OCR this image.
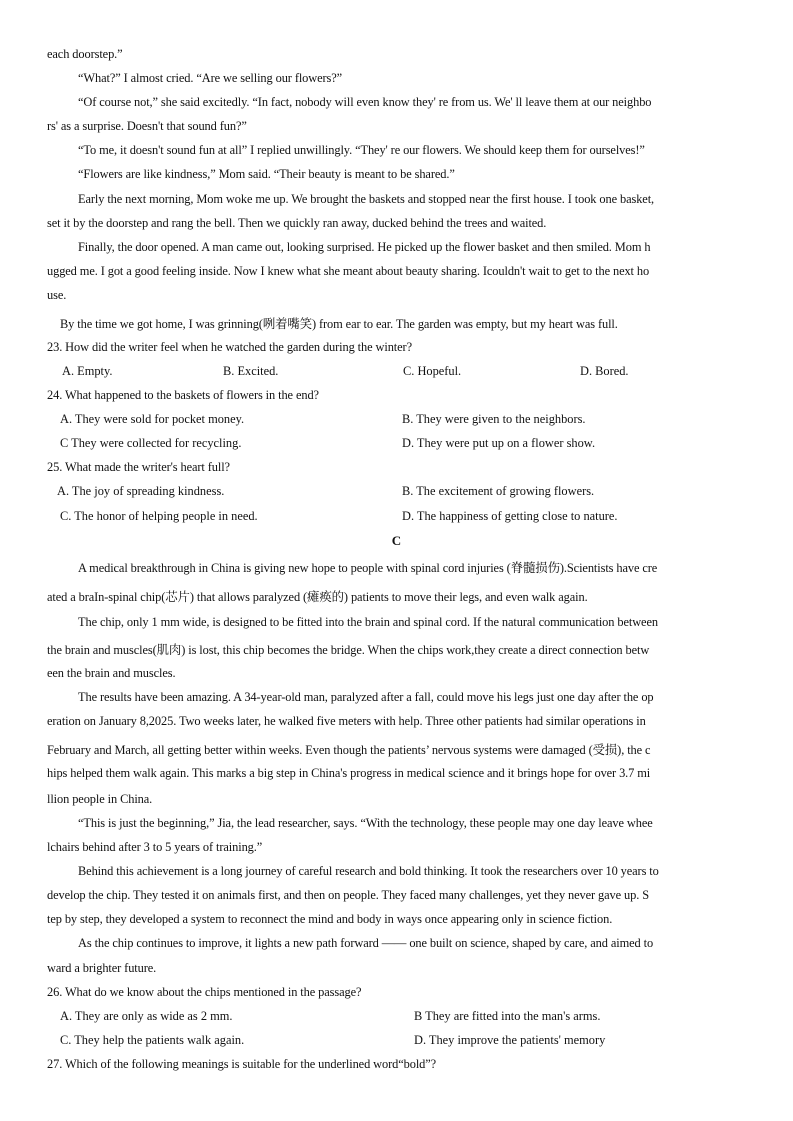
each doorstep.”
“What?” I almost cried. “Are we selling our flowers?”
“Of course not,” she said excitedly. “In fact, nobody will even know they' re from us. We' ll leave them at our neighbo
rs' as a surprise. Doesn't that sound fun?”
“To me, it doesn't sound fun at all” I replied unwillingly. “They' re our flowers. We should keep them for ourselves!”
“Flowers are like kindness,” Mom said. “Their beauty is meant to be shared.”
Early the next morning, Mom woke me up. We brought the baskets and stopped near the first house. I took one basket,
set it by the doorstep and rang the bell. Then we quickly ran away, ducked behind the trees and waited.
Finally, the door opened. A man came out, looking surprised. He picked up the flower basket and then smiled. Mom h
ugged me. I got a good feeling inside. Now I knew what she meant about beauty sharing. Icouldn't wait to get to the next ho
use.
By the time we got home, I was grinning(咧着嘴笑) from ear to ear. The garden was empty, but my heart was full.
23. How did the writer feel when he watched the garden during the winter?
A. Empty.	B. Excited.	C. Hopeful.	D. Bored.
24. What happened to the baskets of flowers in the end?
A. They were sold for pocket money.	B. They were given to the neighbors.
C They were collected for recycling.	D. They were put up on a flower show.
25. What made the writer's heart full?
A. The joy of spreading kindness.	B. The excitement of growing flowers.
C. The honor of helping people in need.	D. The happiness of getting close to nature.
C
A medical breakthrough in China is giving new hope to people with spinal cord injuries (脊髓损伤).Scientists have cre
ated a braIn-spinal chip(芯片) that allows paralyzed (瘫痪的) patients to move their legs, and even walk again.
The chip, only 1 mm wide, is designed to be fitted into the brain and spinal cord. If the natural communication between
the brain and muscles(肌肉) is lost, this chip becomes the bridge. When the chips work,they create a direct connection betw
een the brain and muscles.
The results have been amazing. A 34-year-old man, paralyzed after a fall, could move his legs just one day after the op
eration on January 8,2025. Two weeks later, he walked five meters with help. Three other patients had similar operations in
February and March, all getting better within weeks. Even though the patients’ nervous systems were damaged (受损), the c
hips helped them walk again. This marks a big step in China's progress in medical science and it brings hope for over 3.7 mi
llion people in China.
“This is just the beginning,” Jia, the lead researcher, says. “With the technology, these people may one day leave whee
lchairs behind after 3 to 5 years of training.”
Behind this achievement is a long journey of careful research and bold thinking. It took the researchers over 10 years to
develop the chip. They tested it on animals first, and then on people. They faced many challenges, yet they never gave up. S
tep by step, they developed a system to reconnect the mind and body in ways once appearing only in science fiction.
As the chip continues to improve, it lights a new path forward —— one built on science, shaped by care, and aimed to
ward a brighter future.
26. What do we know about the chips mentioned in the passage?
A. They are only as wide as 2 mm.	B They are fitted into the man's arms.
C. They help the patients walk again.	D. They improve the patients' memory
27. Which of the following meanings is suitable for the underlined word“bold”?
